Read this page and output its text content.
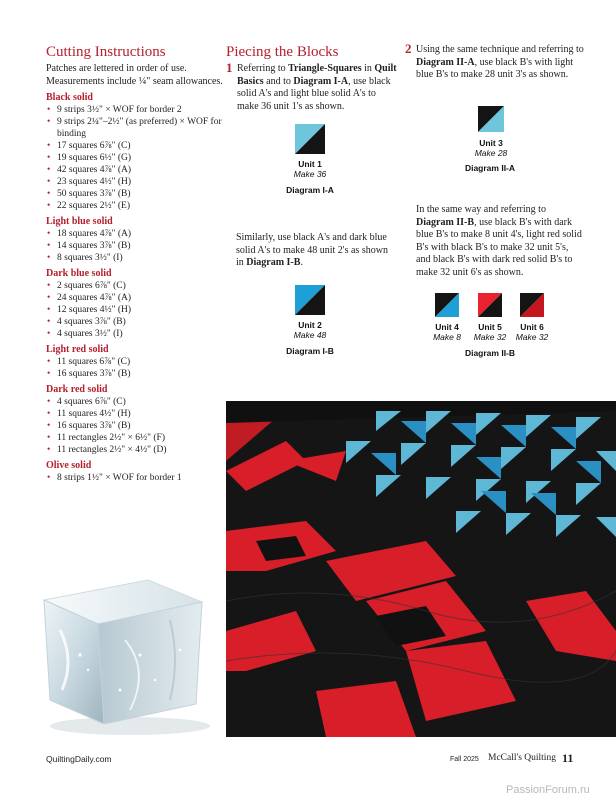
Cutting Instructions
Patches are lettered in order of use. Measurements include ¼" seam allowances.
Black solid
• 9 strips 3½" × WOF for border 2
• 9 strips 2¼"–2½" (as preferred) × WOF for binding
• 17 squares 6⅞" (C)
• 19 squares 6½" (G)
• 42 squares 4⅞" (A)
• 23 squares 4½" (H)
• 50 squares 3⅞" (B)
• 22 squares 2½" (E)
Light blue solid
• 18 squares 4⅞" (A)
• 14 squares 3⅞" (B)
• 8 squares 3½" (I)
Dark blue solid
• 2 squares 6⅞" (C)
• 24 squares 4⅞" (A)
• 12 squares 4½" (H)
• 4 squares 3⅞" (B)
• 4 squares 3½" (I)
Light red solid
• 11 squares 6⅞" (C)
• 16 squares 3⅞" (B)
Dark red solid
• 4 squares 6⅞" (C)
• 11 squares 4½" (H)
• 16 squares 3⅞" (B)
• 11 rectangles 2½" × 6½" (F)
• 11 rectangles 2½" × 4½" (D)
Olive solid
• 8 strips 1½" × WOF for border 1
Piecing the Blocks
1 Referring to Triangle-Squares in Quilt Basics and to Diagram I-A, use black solid A's and light blue solid A's to make 36 unit 1's as shown.
Unit 1
Make 36
Diagram I-A
Similarly, use black A's and dark blue solid A's to make 48 unit 2's as shown in Diagram I-B.
Unit 2
Make 48
Diagram I-B
2 Using the same technique and referring to Diagram II-A, use black B's with light blue B's to make 28 unit 3's as shown.
Unit 3
Make 28
Diagram II-A
In the same way and referring to Diagram II-B, use black B's with dark blue B's to make 8 unit 4's, light red solid B's with black B's to make 32 unit 5's, and black B's with dark red solid B's to make 32 unit 6's as shown.
Unit 4
Make 8
Unit 5
Make 32
Unit 6
Make 32
Diagram II-B
QuiltingDaily.com	Fall 2025 McCall's Quilting 11
PassionForum.ru
